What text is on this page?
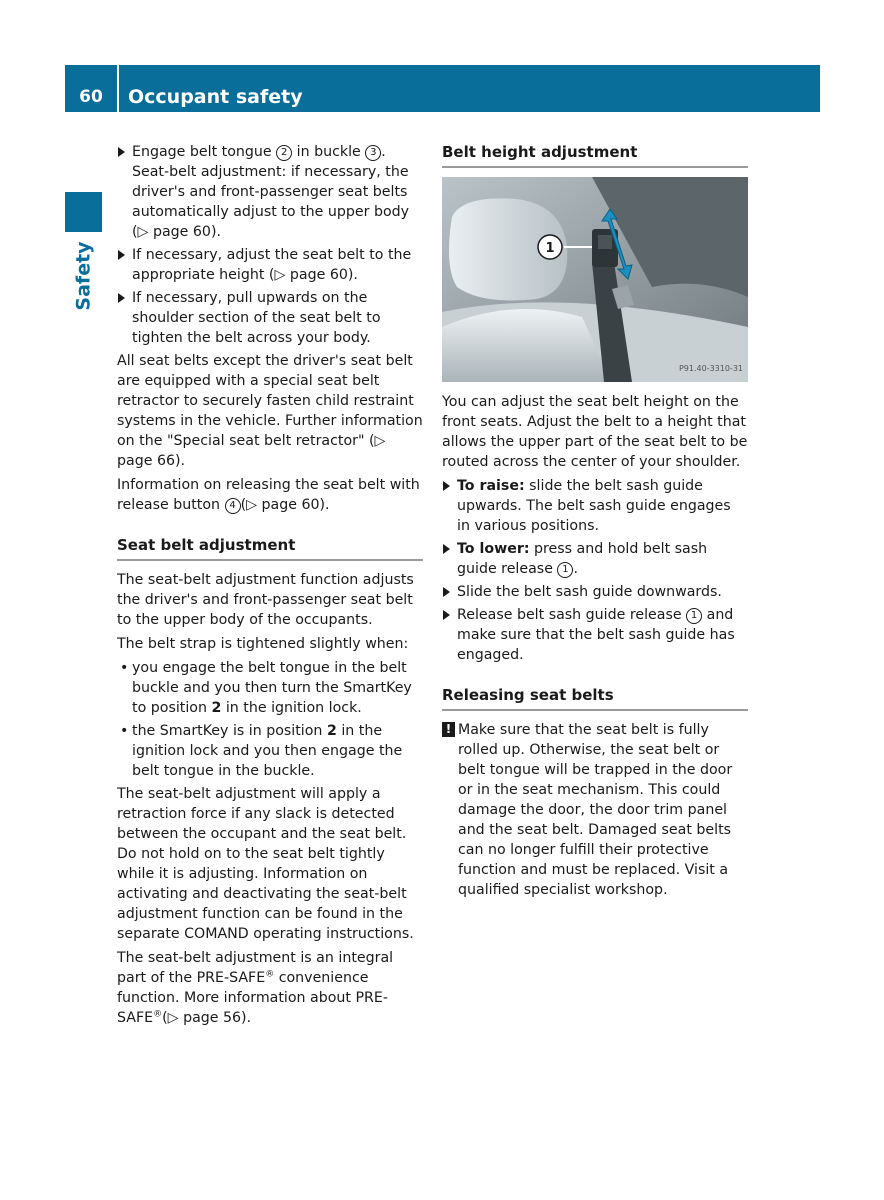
60	Occupant safety
Safety
Engage belt tongue 2 in buckle 3 .
Seat-belt adjustment: if necessary, the driver's and front-passenger seat belts automatically adjust to the upper body (▷ page 60).
If necessary, adjust the seat belt to the appropriate height (▷ page 60).
If necessary, pull upwards on the shoulder section of the seat belt to tighten the belt across your body.

All seat belts except the driver's seat belt are equipped with a special seat belt retractor to securely fasten child restraint systems in the vehicle. Further information on the "Special seat belt retractor" (▷ page 66).

Information on releasing the seat belt with release button 4 (▷ page 60).

Seat belt adjustment

The seat-belt adjustment function adjusts the driver's and front-passenger seat belt to the upper body of the occupants.

The belt strap is tightened slightly when:

• you engage the belt tongue in the belt buckle and you then turn the SmartKey to position 2 in the ignition lock.
• the SmartKey is in position 2 in the ignition lock and you then engage the belt tongue in the buckle.

The seat-belt adjustment will apply a retraction force if any slack is detected between the occupant and the seat belt. Do not hold on to the seat belt tightly while it is adjusting. Information on activating and deactivating the seat-belt adjustment function can be found in the separate COMAND operating instructions.

The seat-belt adjustment is an integral part of the PRE-SAFE® convenience function. More information about PRE-SAFE®(▷ page 56).

Belt height adjustment
1
P91.40-3310-31

You can adjust the seat belt height on the front seats. Adjust the belt to a height that allows the upper part of the seat belt to be routed across the center of your shoulder.

To raise: slide the belt sash guide upwards. The belt sash guide engages in various positions.
To lower: press and hold belt sash guide release 1 .
Slide the belt sash guide downwards.
Release belt sash guide release 1 and make sure that the belt sash guide has engaged.
Releasing seat belts
! Make sure that the seat belt is fully rolled up. Otherwise, the seat belt or belt tongue will be trapped in the door or in the seat mechanism. This could damage the door, the door trim panel and the seat belt. Damaged seat belts can no longer fulfill their protective function and must be replaced. Visit a qualified specialist workshop.
